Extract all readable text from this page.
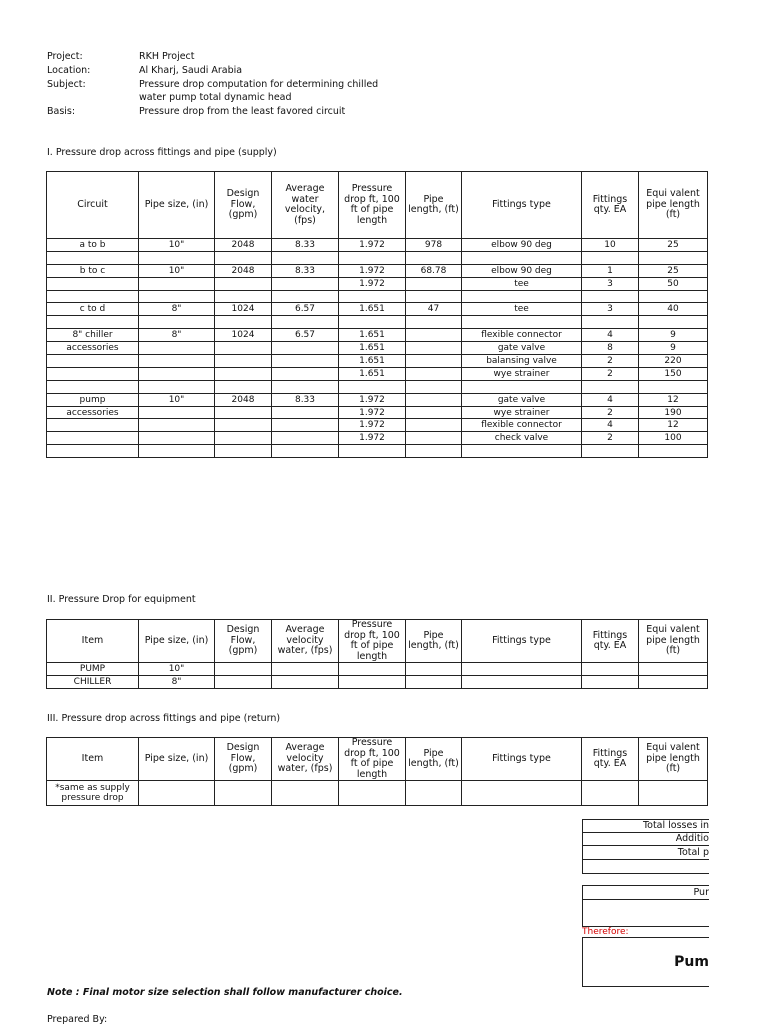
Project:	RKH Project
Location:	Al Kharj, Saudi Arabia
Subject:	Pressure drop computation for determining chilled
water pump total dynamic head
Basis:	Pressure drop from the least favored circuit
I. Pressure drop across fittings and pipe (supply)
Circuit	Pipe size, (in)	Design Flow, (gpm)	Average water velocity, (fps)	Pressure drop ft, 100 ft of pipe length	Pipe length, (ft)	Fittings type	Fittings qty. EA	Equi valent pipe length (ft)
a to b	10"	2048	8.33	1.972	978	elbow 90 deg	10	25

b to c	10"	2048	8.33	1.972	68.78	elbow 90 deg	1	25
				1.972		tee	3	50

c to d	8"	1024	6.57	1.651	47	tee	3	40

8" chiller	8"	1024	6.57	1.651		flexible connector	4	9
accessories				1.651		gate valve	8	9
				1.651		balansing valve	2	220
				1.651		wye strainer	2	150

pump	10"	2048	8.33	1.972		gate valve	4	12
accessories				1.972		wye strainer	2	190
				1.972		flexible connector	4	12
				1.972		check valve	2	100

II. Pressure Drop for equipment
Item	Pipe size, (in)	Design Flow, (gpm)	Average velocity water, (fps)	Pressure drop ft, 100 ft of pipe length	Pipe length, (ft)	Fittings type	Fittings qty. EA	Equi valent pipe length (ft)
PUMP	10"							
CHILLER	8"							
III. Pressure drop across fittings and pipe (return)
Item	Pipe size, (in)	Design Flow, (gpm)	Average velocity water, (fps)	Pressure drop ft, 100 ft of pipe length	Pipe length, (ft)	Fittings type	Fittings qty. EA	Equi valent pipe length (ft)
*same as supply pressure drop								
Total losses in
Additio
Total p
Pur
Therefore:
Pum
Note : Final motor size selection shall follow manufacturer choice.
Prepared By:
